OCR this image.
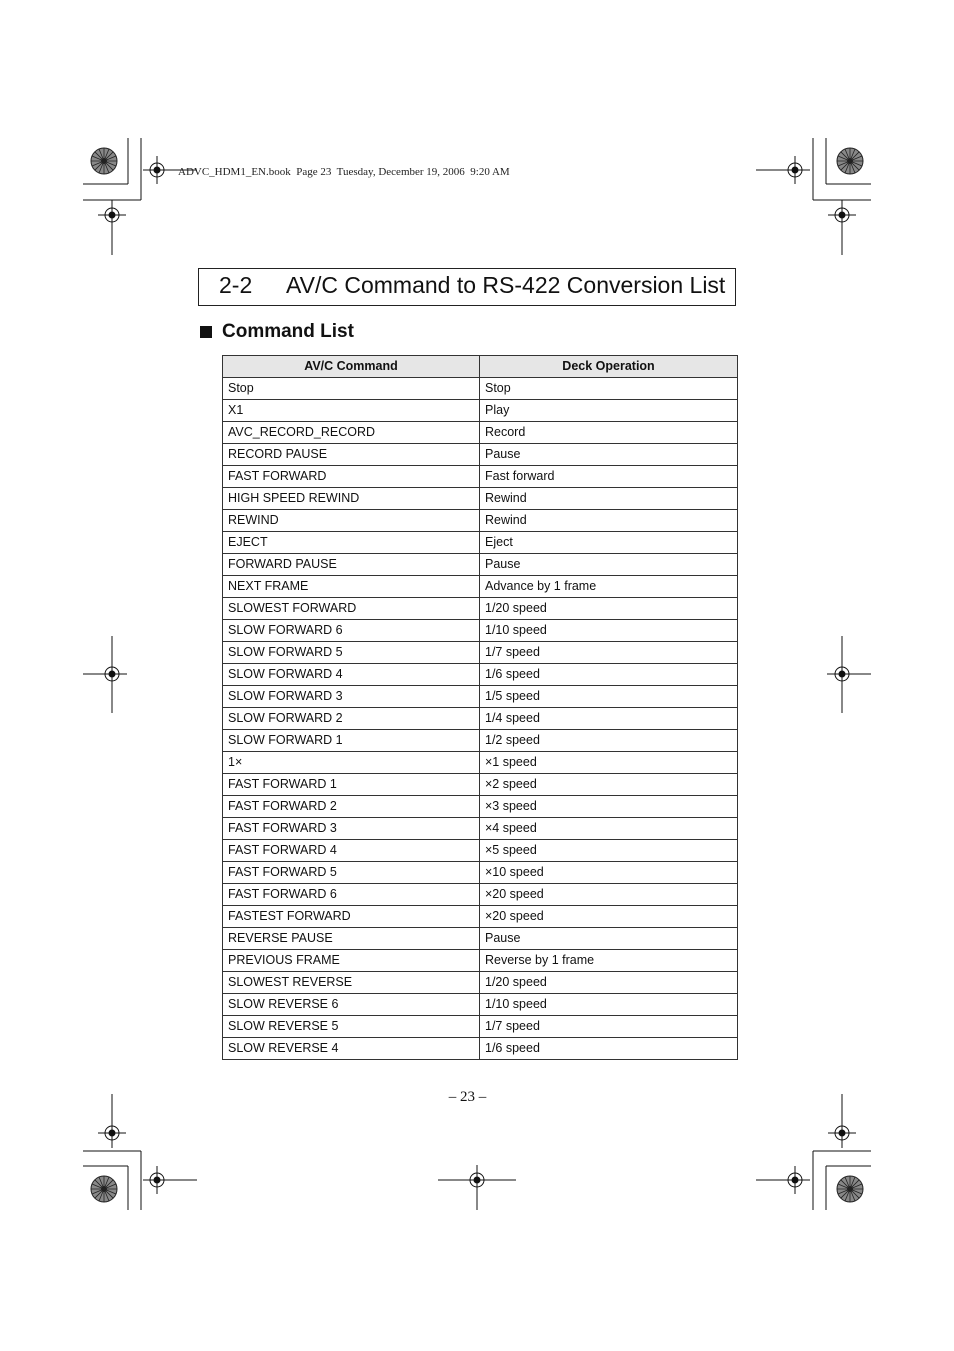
ADVC_HDM1_EN.book  Page 23  Tuesday, December 19, 2006  9:20 AM
2-2 AV/C Command to RS-422 Conversion List
Command List
AV/C Command	Deck Operation
Stop	Stop
X1	Play
AVC_RECORD_RECORD	Record
RECORD PAUSE	Pause
FAST FORWARD	Fast forward
HIGH SPEED REWIND	Rewind
REWIND	Rewind
EJECT	Eject
FORWARD PAUSE	Pause
NEXT FRAME	Advance by 1 frame
SLOWEST FORWARD	1/20 speed
SLOW FORWARD 6	1/10 speed
SLOW FORWARD 5	1/7 speed
SLOW FORWARD 4	1/6 speed
SLOW FORWARD 3	1/5 speed
SLOW FORWARD 2	1/4 speed
SLOW FORWARD 1	1/2 speed
1×	×1 speed
FAST FORWARD 1	×2 speed
FAST FORWARD 2	×3 speed
FAST FORWARD 3	×4 speed
FAST FORWARD 4	×5 speed
FAST FORWARD 5	×10 speed
FAST FORWARD 6	×20 speed
FASTEST FORWARD	×20 speed
REVERSE PAUSE	Pause
PREVIOUS FRAME	Reverse by 1 frame
SLOWEST REVERSE	1/20 speed
SLOW REVERSE 6	1/10 speed
SLOW REVERSE 5	1/7 speed
SLOW REVERSE 4	1/6 speed
– 23 –
